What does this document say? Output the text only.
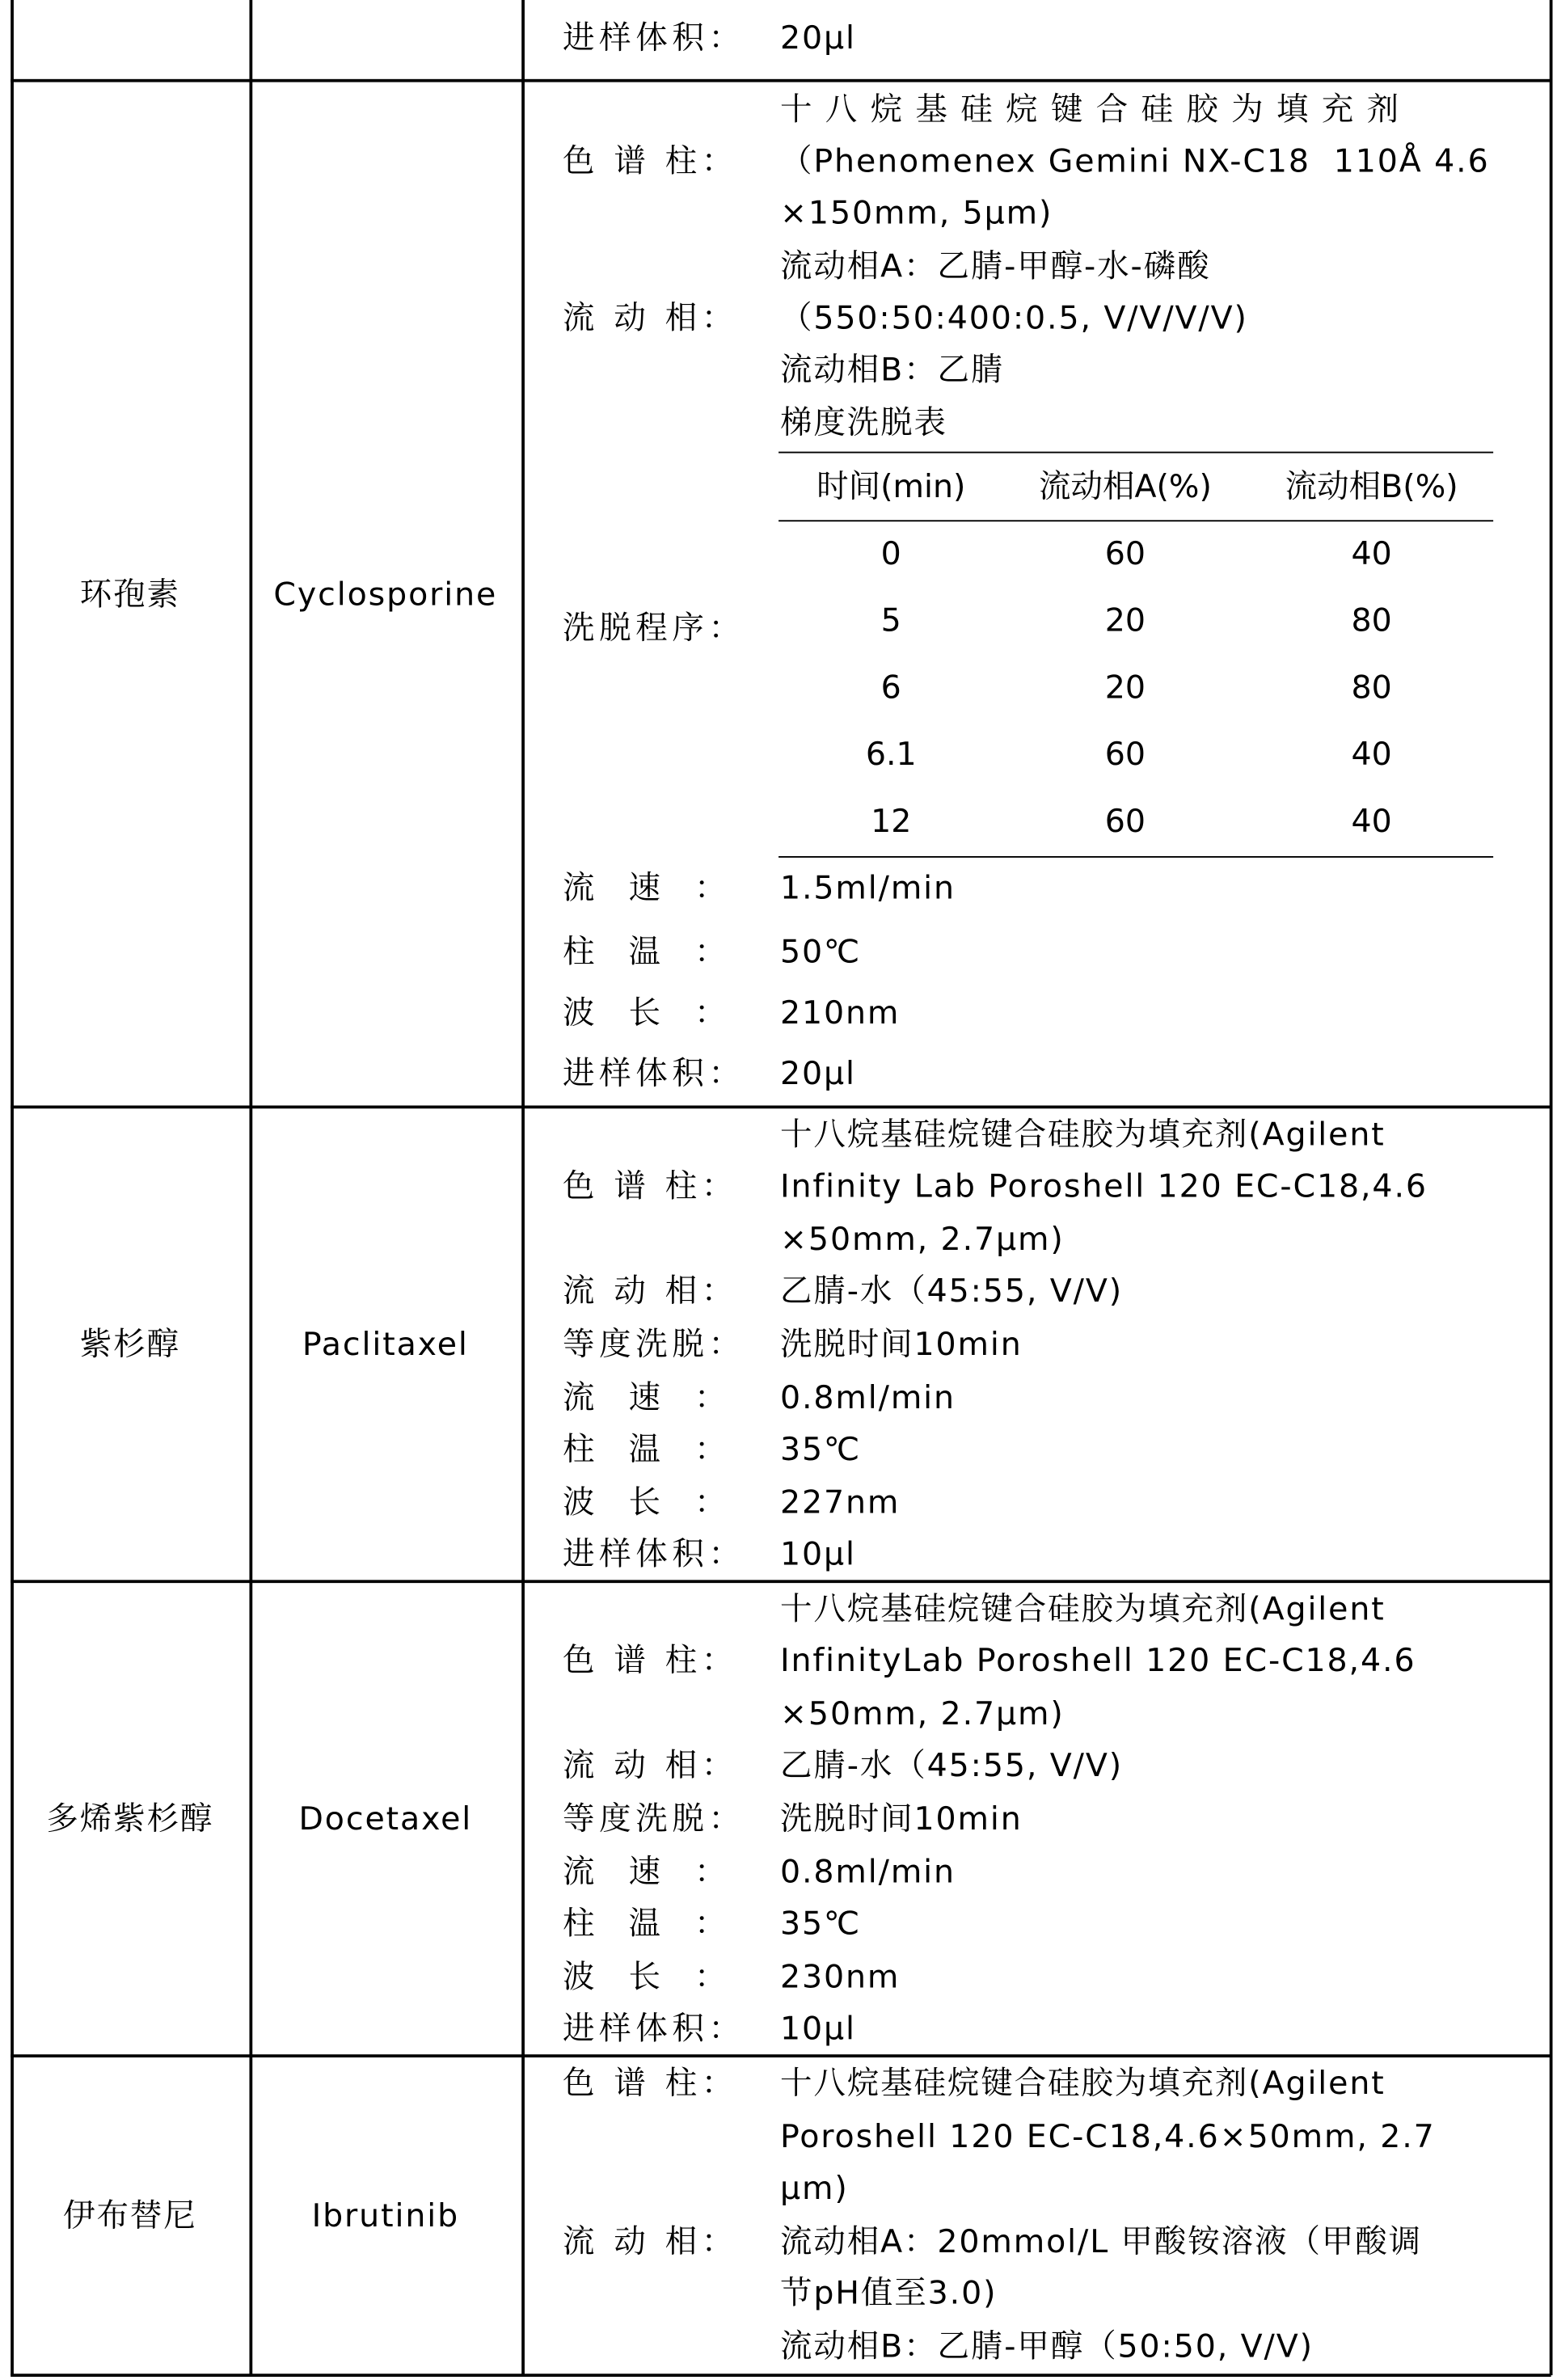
环孢素	Cyclosporine
紫杉醇	Paclitaxel
多烯紫杉醇	Docetaxel
伊布替尼	Ibrutinib
进样体积： 20μl
十 八 烷 基 硅 烷 键 合 硅 胶 为 填 充 剂
色 谱 柱： （Phenomenex Gemini NX-C18  110Å 4.6
×150mm, 5μm)
流动相A：乙腈-甲醇-水-磷酸
流 动 相： （550:50:400:0.5, V/V/V/V)
流动相B：乙腈
梯度洗脱表
洗脱程序：
流  速  ：	1.5ml/min
柱  温  ：	50℃
波  长  ：	210nm
进样体积： 20μl
十八烷基硅烷键合硅胶为填充剂(Agilent
色 谱 柱： Infinity Lab Poroshell 120 EC-C18,4.6
×50mm, 2.7μm)
流 动 相： 乙腈-水（45:55, V/V)
等度洗脱： 洗脱时间10min
流  速  ：	0.8ml/min
柱  温  ：	35℃
波  长  ：	227nm
进样体积： 10μl
十八烷基硅烷键合硅胶为填充剂(Agilent
色 谱 柱： InfinityLab Poroshell 120 EC-C18,4.6
×50mm, 2.7μm)
流 动 相： 乙腈-水（45:55, V/V)
等度洗脱： 洗脱时间10min
流  速  ：	0.8ml/min
柱  温  ：	35℃
波  长  ：	230nm
进样体积： 10μl
色 谱 柱： 十八烷基硅烷键合硅胶为填充剂(Agilent
Poroshell 120 EC-C18,4.6×50mm, 2.7
μm)
流 动 相： 流动相A：20mmol/L 甲酸铵溶液（甲酸调
节pH值至3.0)
流动相B：乙腈-甲醇（50:50, V/V)
时间(min)	流动相A(%)	流动相B(%)
0	60	40
5	20	80
6	20	80
6.1	60	40
12	60	40
